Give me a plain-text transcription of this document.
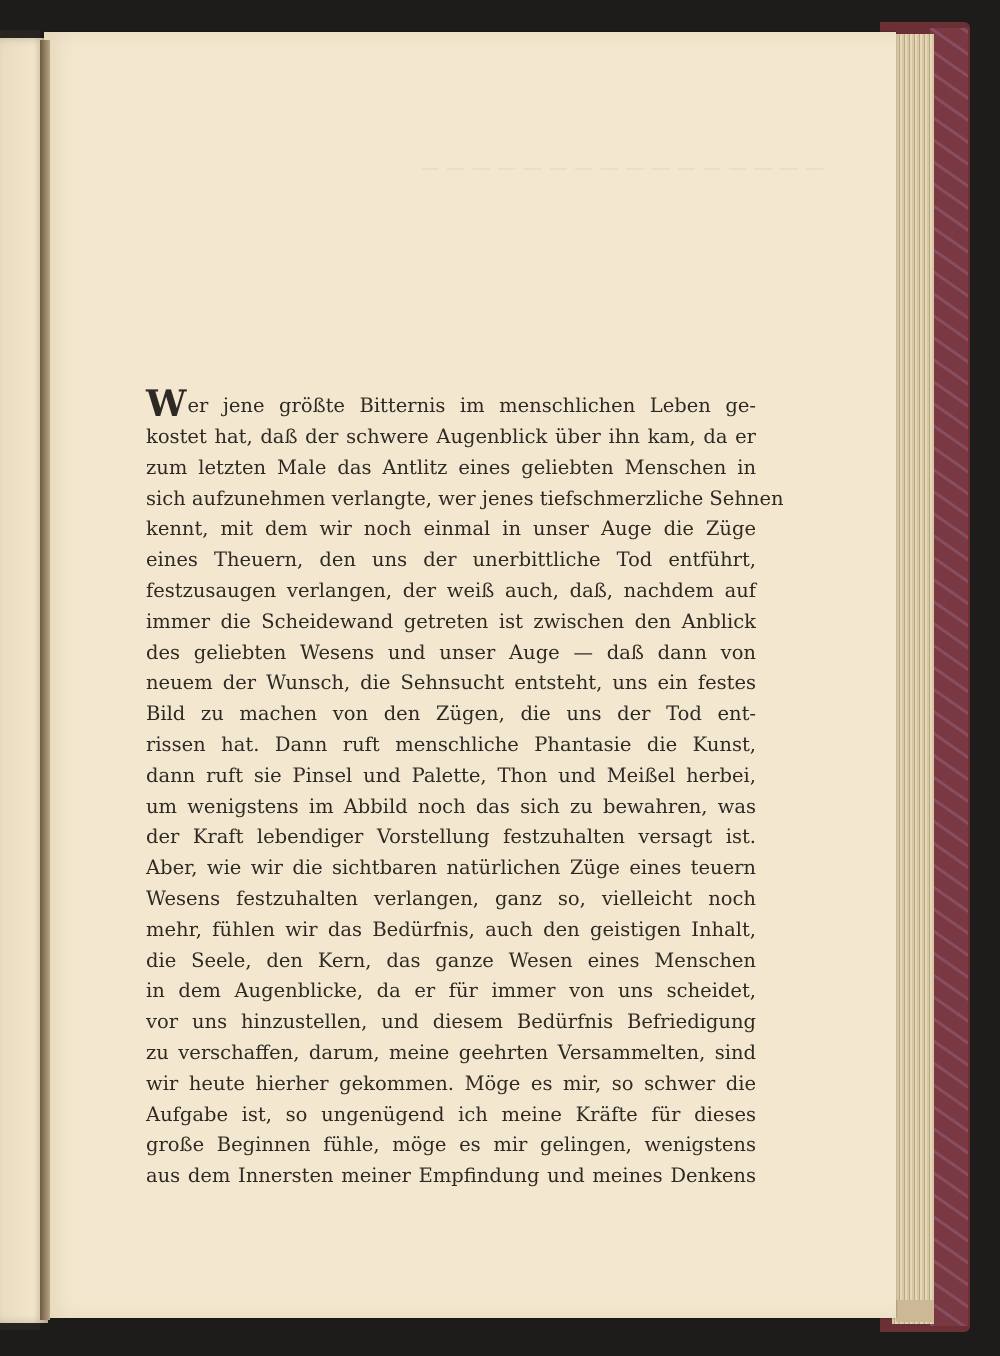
— — — — — — — — — — — — — — — —
Wer jene größte Bitternis im menschlichen Leben ge-
kostet hat, daß der schwere Augenblick über ihn kam, da er
zum letzten Male das Antlitz eines geliebten Menschen in
sich aufzunehmen verlangte, wer jenes tiefschmerzliche Sehnen
kennt, mit dem wir noch einmal in unser Auge die Züge
eines Theuern, den uns der unerbittliche Tod entführt,
festzusaugen verlangen, der weiß auch, daß, nachdem auf
immer die Scheidewand getreten ist zwischen den Anblick
des geliebten Wesens und unser Auge — daß dann von
neuem der Wunsch, die Sehnsucht entsteht, uns ein festes
Bild zu machen von den Zügen, die uns der Tod ent-
rissen hat. Dann ruft menschliche Phantasie die Kunst,
dann ruft sie Pinsel und Palette, Thon und Meißel herbei,
um wenigstens im Abbild noch das sich zu bewahren, was
der Kraft lebendiger Vorstellung festzuhalten versagt ist.
Aber, wie wir die sichtbaren natürlichen Züge eines teuern
Wesens festzuhalten verlangen, ganz so, vielleicht noch
mehr, fühlen wir das Bedürfnis, auch den geistigen Inhalt,
die Seele, den Kern, das ganze Wesen eines Menschen
in dem Augenblicke, da er für immer von uns scheidet,
vor uns hinzustellen, und diesem Bedürfnis Befriedigung
zu verschaffen, darum, meine geehrten Versammelten, sind
wir heute hierher gekommen. Möge es mir, so schwer die
Aufgabe ist, so ungenügend ich meine Kräfte für dieses
große Beginnen fühle, möge es mir gelingen, wenigstens
aus dem Innersten meiner Empfindung und meines Denkens
